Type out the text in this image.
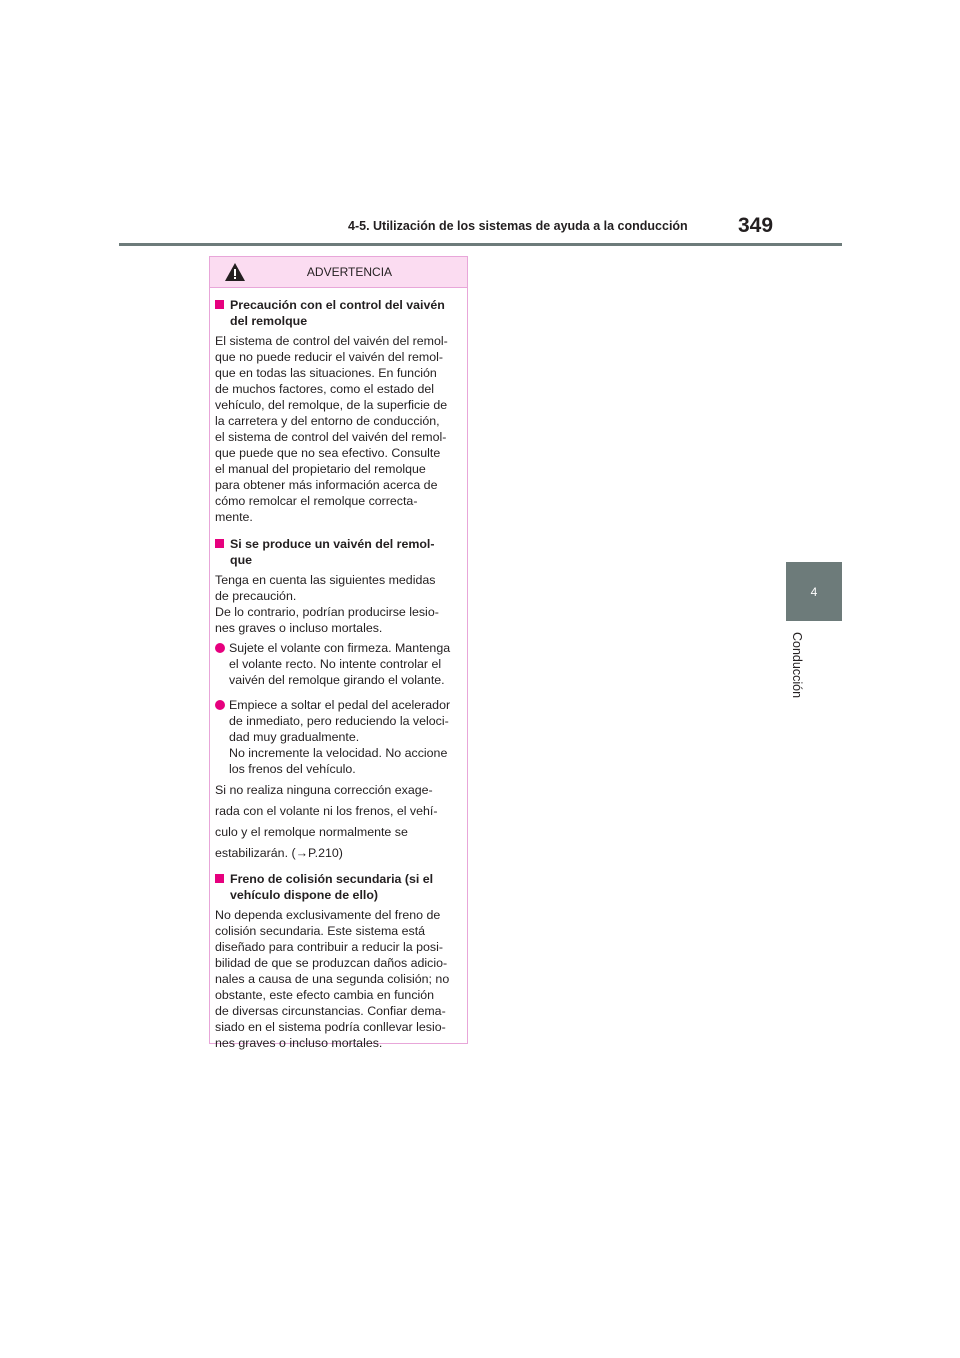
4-5. Utilización de los sistemas de ayuda a la conducción 349
4
Conducción
ADVERTENCIA
Precaución con el control del vaivén
del remolque

El sistema de control del vaivén del remol-
que no puede reducir el vaivén del remol-
que en todas las situaciones. En función
de muchos factores, como el estado del
vehículo, del remolque, de la superficie de
la carretera y del entorno de conducción,
el sistema de control del vaivén del remol-
que puede que no sea efectivo. Consulte
el manual del propietario del remolque
para obtener más información acerca de
cómo remolcar el remolque correcta-
mente.

Si se produce un vaivén del remol-
que

Tenga en cuenta las siguientes medidas
de precaución.
De lo contrario, podrían producirse lesio-
nes graves o incluso mortales.

Sujete el volante con firmeza. Mantenga
el volante recto. No intente controlar el
vaivén del remolque girando el volante.
Empiece a soltar el pedal del acelerador
de inmediato, pero reduciendo la veloci-
dad muy gradualmente.
No incremente la velocidad. No accione
los frenos del vehículo.

Si no realiza ninguna corrección exage-

rada con el volante ni los frenos, el vehí-

culo y el remolque normalmente se

estabilizarán. (→P.210)

Freno de colisión secundaria (si el
vehículo dispone de ello)

No dependa exclusivamente del freno de
colisión secundaria. Este sistema está
diseñado para contribuir a reducir la posi-
bilidad de que se produzcan daños adicio-
nales a causa de una segunda colisión; no
obstante, este efecto cambia en función
de diversas circunstancias. Confiar dema-
siado en el sistema podría conllevar lesio-
nes graves o incluso mortales.
